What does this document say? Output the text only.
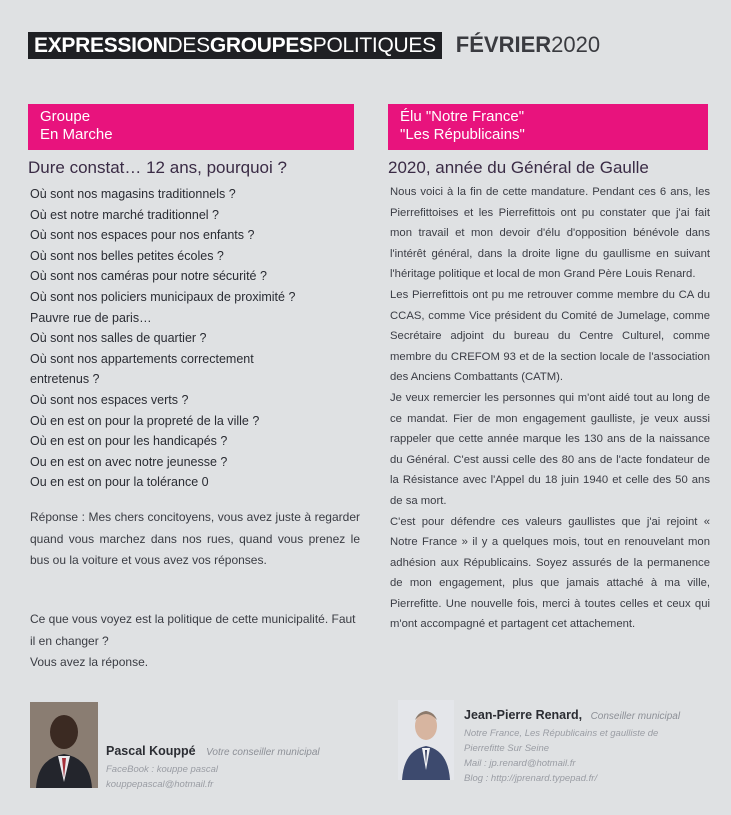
EXPRESSION DES GROUPES POLITIQUES FÉVRIER2020
Groupe
En Marche
Dure constat… 12 ans, pourquoi ?
Où sont nos magasins traditionnels ?
Où est notre marché traditionnel ?
Où sont nos espaces pour nos enfants ?
Où sont nos belles petites écoles ?
Où sont nos caméras pour notre sécurité ?
Où sont nos policiers municipaux de proximité ?
Pauvre rue de paris…
Où sont nos salles de quartier ?
Où sont nos appartements correctement
entretenus ?
Où sont nos espaces verts ?
Où en est on pour la propreté de la ville ?
Où en est on pour les handicapés ?
Ou en est on avec notre jeunesse ?
Ou en est on pour la tolérance 0
Réponse : Mes chers concitoyens, vous avez juste à regarder quand vous marchez dans nos rues, quand vous prenez le bus ou la voiture et vous avez vos réponses.
Ce que vous voyez est la politique de cette municipalité. Faut il en changer ?
Vous avez la réponse.
Pascal Kouppé Votre conseiller municipal
FaceBook : kouppe pascal
kouppepascal@hotmail.fr
Élu "Notre France"
"Les Républicains"
2020, année du Général de Gaulle

Nous voici à la fin de cette mandature. Pendant ces 6 ans, les Pierrefittoises et les Pierrefittois ont pu constater que j'ai fait mon travail et mon devoir d'élu d'opposition bénévole dans l'intérêt général, dans la droite ligne du gaullisme en suivant l'héritage politique et local de mon Grand Père Louis Renard.

Les Pierrefittois ont pu me retrouver comme membre du CA du CCAS, comme Vice président du Comité de Jumelage, comme Secrétaire adjoint du bureau du Centre Culturel, comme membre du CREFOM 93 et de la section locale de l'association des Anciens Combattants (CATM).

Je veux remercier les personnes qui m'ont aidé tout au long de ce mandat. Fier de mon engagement gaulliste, je veux aussi rappeler que cette année marque les 130 ans de la naissance du Général. C'est aussi celle des 80 ans de l'acte fondateur de la Résistance avec l'Appel du 18 juin 1940 et celle des 50 ans de sa mort.

C'est pour défendre ces valeurs gaullistes que j'ai rejoint « Notre France » il y a quelques mois, tout en renouvelant mon adhésion aux Républicains. Soyez assurés de la permanence de mon engagement, plus que jamais attaché à ma ville, Pierrefitte. Une nouvelle fois, merci à toutes celles et ceux qui m'ont accompagné et partagent cet attachement.

Jean-Pierre Renard, Conseiller municipal
Notre France, Les Républicains et gaulliste de
Pierrefitte Sur Seine
Mail : jp.renard@hotmail.fr
Blog : http://jprenard.typepad.fr/
